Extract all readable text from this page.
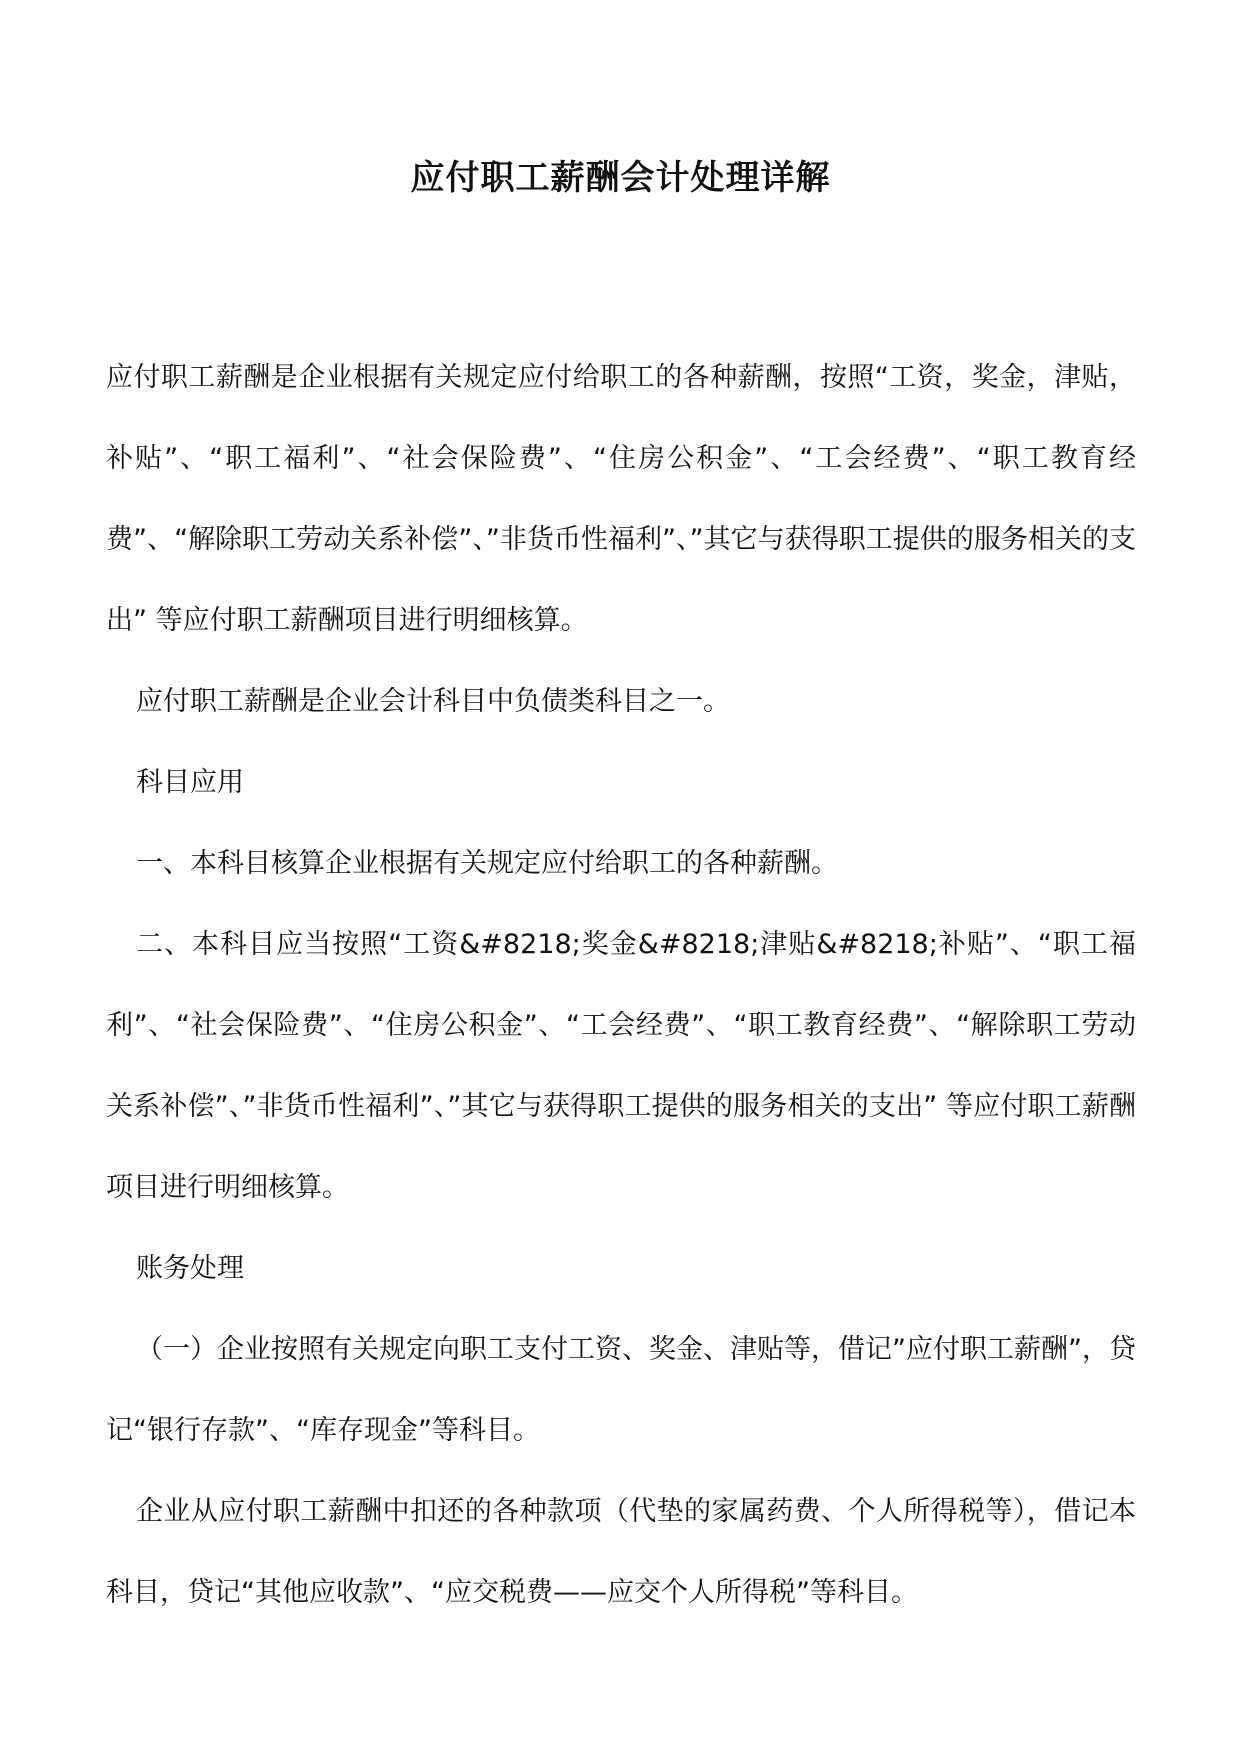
应付职工薪酬会计处理详解

应付职工薪酬是企业根据有关规定应付给职工的各种薪酬，按照“工资，奖金，津贴，补贴”、“职工福利”、“社会保险费”、“住房公积金”、“工会经费”、“职工教育经费”、“解除职工劳动关系补偿”、”非货币性福利”、”其它与获得职工提供的服务相关的支出” 等应付职工薪酬项目进行明细核算。

应付职工薪酬是企业会计科目中负债类科目之一。

科目应用

一、本科目核算企业根据有关规定应付给职工的各种薪酬。

二、本科目应当按照“工资&#8218;奖金&#8218;津贴&#8218;补贴”、“职工福利”、“社会保险费”、“住房公积金”、“工会经费”、“职工教育经费”、“解除职工劳动关系补偿”、”非货币性福利”、”其它与获得职工提供的服务相关的支出” 等应付职工薪酬项目进行明细核算。

账务处理

（一）企业按照有关规定向职工支付工资、奖金、津贴等，借记”应付职工薪酬”，贷记“银行存款”、“库存现金”等科目。

企业从应付职工薪酬中扣还的各种款项（代垫的家属药费、个人所得税等），借记本科目，贷记“其他应收款”、“应交税费——应交个人所得税”等科目。
